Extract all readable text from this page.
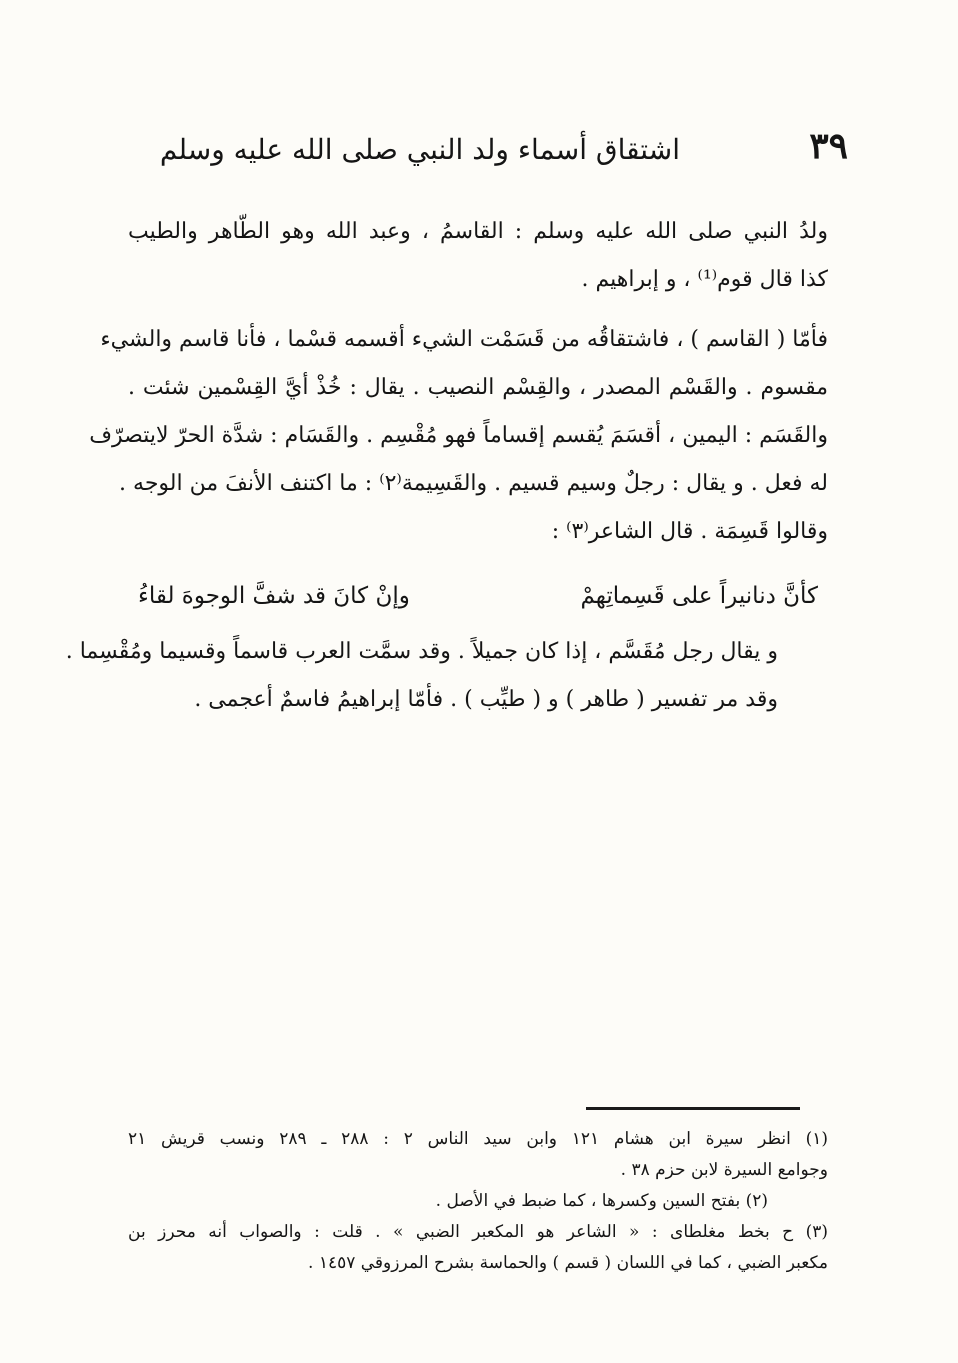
٣٩
اشتقاق أسماء ولد النبي صلى الله عليه وسلم
ولدُ النبي صلى الله عليه وسلم : القاسمُ ، وعبد الله وهو الطّاهر والطيب
كذا قال قوم⁽¹⁾ ، و إبراهيم .
فأمّا ( القاسم ) ، فاشتقاقُه من قَسَمْت الشيء أقسمه قسْما ، فأنا قاسم والشيء
مقسوم . والقَسْم المصدر ، والقِسْم النصيب . يقال : خُذْ أيَّ القِسْمين شئت .
والقَسَم : اليمين ، أقسَمَ يُقسم إقساماً فهو مُقْسِم . والقَسَام : شدَّة الحرّ لايتصرّف
له فعل . و يقال : رجلٌ وسيم قسيم . والقَسِيمة⁽٢⁾ : ما اكتنف الأنفَ من الوجه .
وقالوا قَسِمَة . قال الشاعر⁽٣⁾ :
كأنَّ دنانيراً على قَسِماتِهمْ
وإنْ كانَ قد شفَّ الوجوهَ لقاءُ
و يقال رجل مُقَسَّم ، إذا كان جميلاً . وقد سمَّت العرب قاسماً وقسيما ومُقْسِما .
وقد مر تفسير ( طاهر ) و ( طيِّب ) . فأمّا إبراهيمُ فاسمٌ أعجمى .
(١) انظر سيرة ابن هشام ١٢١ وابن سيد الناس ٢ : ٢٨٨ ـ ٢٨٩ ونسب قريش ٢١
وجوامع السيرة لابن حزم ٣٨ .
(٢) بفتح السين وكسرها ، كما ضبط في الأصل .
(٣) ح بخط مغلطاى : « الشاعر هو المكعبر الضبي » . قلت : والصواب أنه محرز بن
مكعبر الضبي ، كما في اللسان ( قسم ) والحماسة بشرح المرزوقي ١٤٥٧ .
